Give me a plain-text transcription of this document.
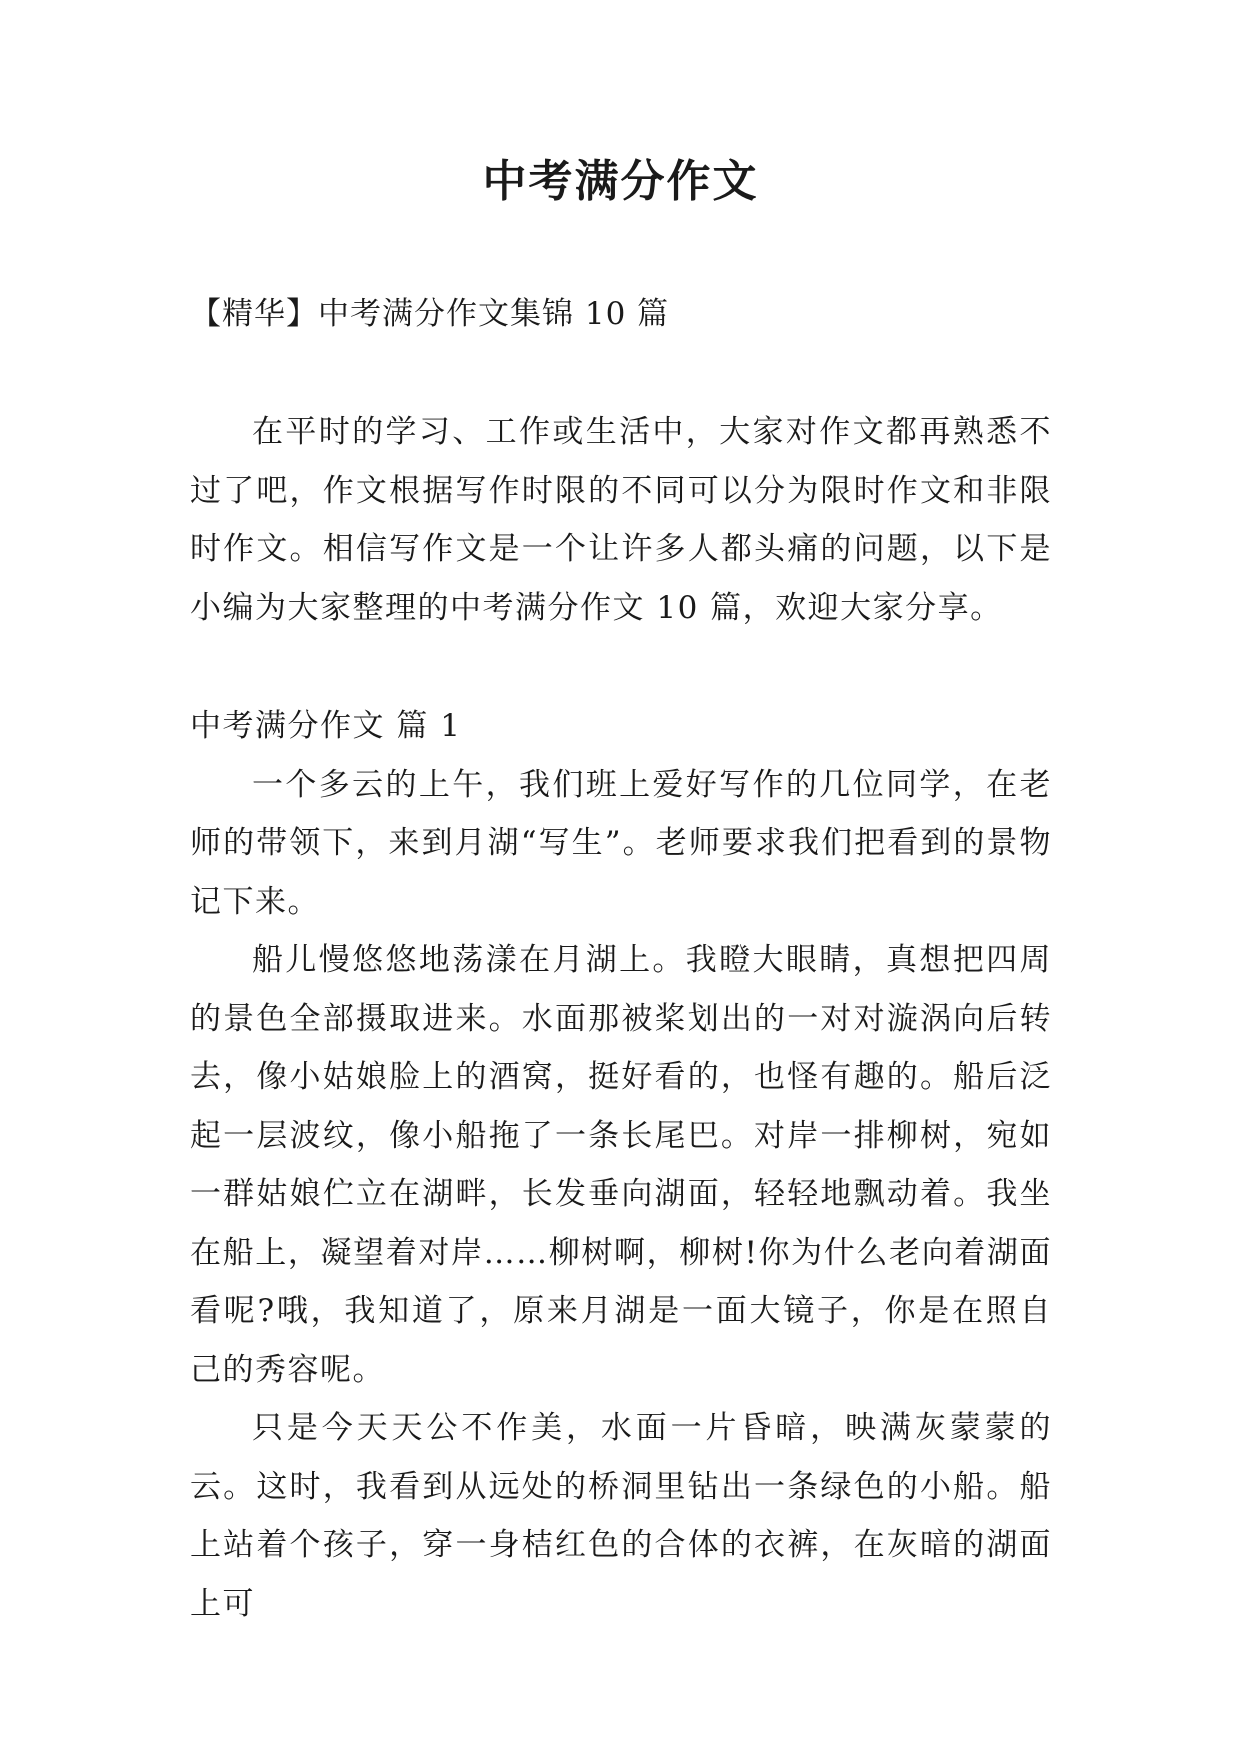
中考满分作文
【精华】中考满分作文集锦 10 篇

在平时的学习、工作或生活中，大家对作文都再熟悉不过了吧，作文根据写作时限的不同可以分为限时作文和非限时作文。相信写作文是一个让许多人都头痛的问题，以下是小编为大家整理的中考满分作文 10 篇，欢迎大家分享。

中考满分作文 篇 1

一个多云的上午，我们班上爱好写作的几位同学，在老师的带领下，来到月湖“写生”。老师要求我们把看到的景物记下来。

船儿慢悠悠地荡漾在月湖上。我瞪大眼睛，真想把四周的景色全部摄取进来。水面那被桨划出的一对对漩涡向后转去，像小姑娘脸上的酒窝，挺好看的，也怪有趣的。船后泛起一层波纹，像小船拖了一条长尾巴。对岸一排柳树，宛如一群姑娘伫立在湖畔，长发垂向湖面，轻轻地飘动着。我坐在船上，凝望着对岸……柳树啊，柳树!你为什么老向着湖面看呢?哦，我知道了，原来月湖是一面大镜子，你是在照自己的秀容呢。

只是今天天公不作美，水面一片昏暗，映满灰蒙蒙的云。这时，我看到从远处的桥洞里钻出一条绿色的小船。船上站着个孩子，穿一身桔红色的合体的衣裤，在灰暗的湖面上可
